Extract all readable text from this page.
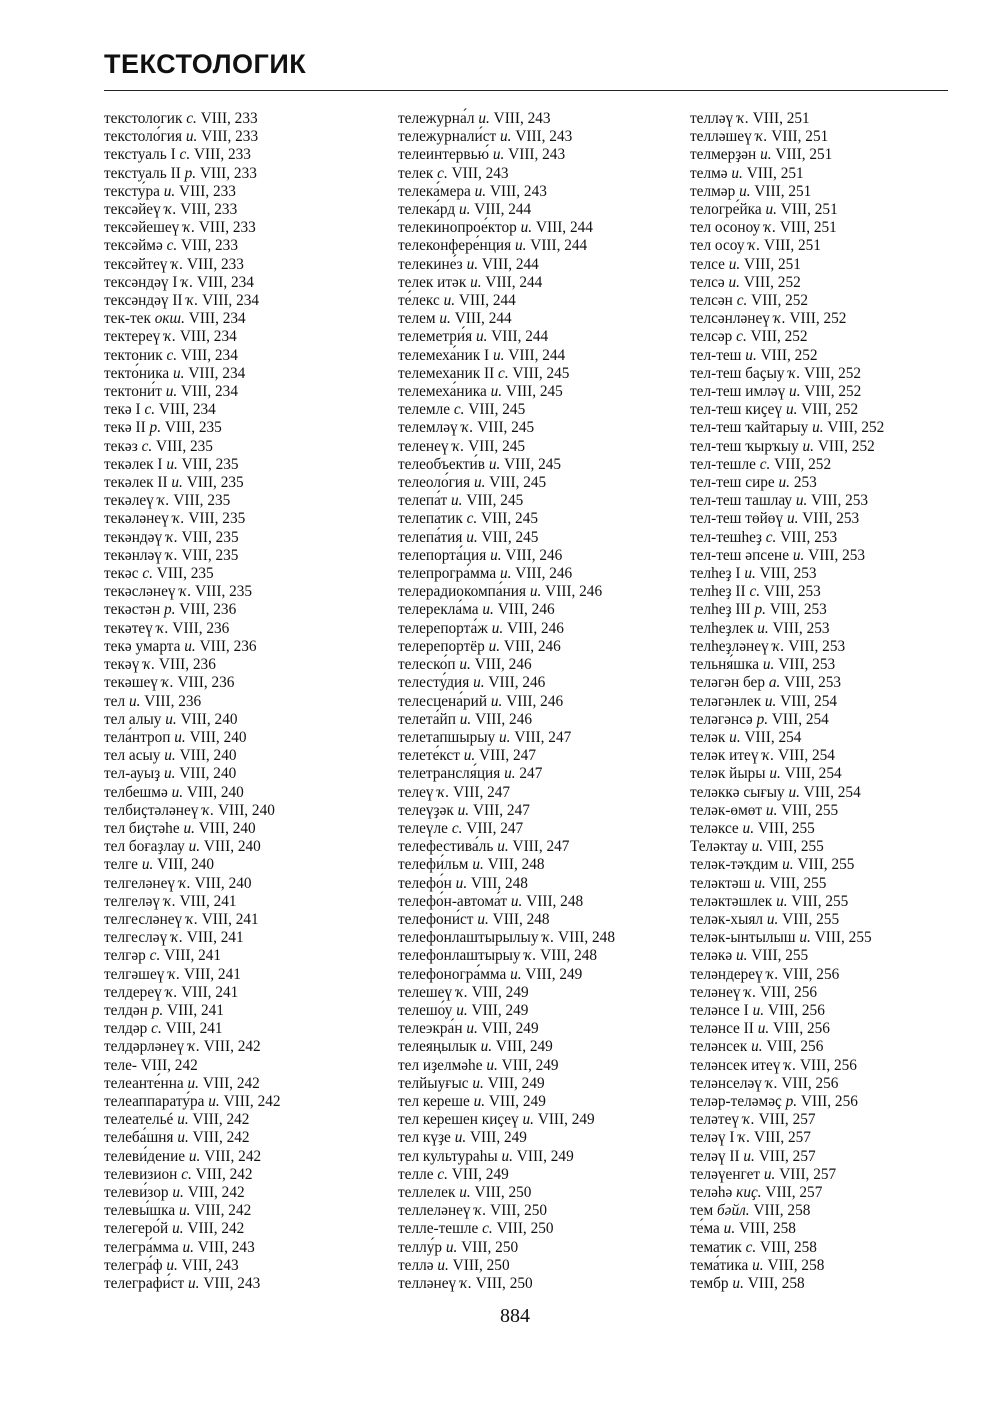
ТЕКСТОЛОГИК
текстологик с. VIII, 233
текстоло́гия и. VIII, 233
текстуаль I с. VIII, 233
текстуаль II р. VIII, 233
тексту́ра и. VIII, 233
тексәйеү ҡ. VIII, 233
тексәйешеү ҡ. VIII, 233
тексәймә с. VIII, 233
тексәйтеү ҡ. VIII, 233
тексәндәү I ҡ. VIII, 234
тексәндәү II ҡ. VIII, 234
тек-тек окш. VIII, 234
тектереү ҡ. VIII, 234
тектоник с. VIII, 234
текто́ника и. VIII, 234
тектони́т и. VIII, 234
текә I с. VIII, 234
текә II р. VIII, 235
текәз с. VIII, 235
текәлек I и. VIII, 235
текәлек II и. VIII, 235
текәлеү ҡ. VIII, 235
текәләнеү ҡ. VIII, 235
текәндәү ҡ. VIII, 235
текәнләү ҡ. VIII, 235
текәс с. VIII, 235
текәсләнеү ҡ. VIII, 235
текәстән р. VIII, 236
текәтеү ҡ. VIII, 236
текә умарта и. VIII, 236
текәү ҡ. VIII, 236
текәшеү ҡ. VIII, 236
тел и. VIII, 236
тел алыу и. VIII, 240
тела́нтроп и. VIII, 240
тел асыу и. VIII, 240
тел-ауыҙ и. VIII, 240
телбешмә и. VIII, 240
телбиҫтәләнеү ҡ. VIII, 240
тел биҫтәһе и. VIII, 240
тел боғаҙлау и. VIII, 240
телге и. VIII, 240
телгеләнеү ҡ. VIII, 240
телгеләү ҡ. VIII, 241
телгесләнеү ҡ. VIII, 241
телгесләү ҡ. VIII, 241
телгәр с. VIII, 241
телгәшеү ҡ. VIII, 241
телдереү ҡ. VIII, 241
телдән р. VIII, 241
телдәр с. VIII, 241
телдәрләнеү ҡ. VIII, 242
теле- VIII, 242
телеанте́нна и. VIII, 242
телеаппарату́ра и. VIII, 242
телеательé и. VIII, 242
телеба́шня и. VIII, 242
телеви́дение и. VIII, 242
телевизион с. VIII, 242
телеви́зор и. VIII, 242
телевы́шка и. VIII, 242
телегеро́й и. VIII, 242
телегра́мма и. VIII, 243
телегра́ф и. VIII, 243
телеграфи́ст и. VIII, 243
тележурна́л и. VIII, 243
тележурнали́ст и. VIII, 243
телеинтервью́ и. VIII, 243
телек с. VIII, 243
телека́мера и. VIII, 243
телека́рд и. VIII, 244
телекинопрое́ктор и. VIII, 244
телеконфере́нция и. VIII, 244
телекине́з и. VIII, 244
телек итәк и. VIII, 244
те́лекс и. VIII, 244
телем и. VIII, 244
телеметри́я и. VIII, 244
телемеха́ник I и. VIII, 244
телемеханик II с. VIII, 245
телемеха́ника и. VIII, 245
телемле с. VIII, 245
телемләү ҡ. VIII, 245
теленеү ҡ. VIII, 245
телеобъекти́в и. VIII, 245
телеоло́гия и. VIII, 245
телепа́т и. VIII, 245
телепатик с. VIII, 245
телепа́тия и. VIII, 245
телепорта́ция и. VIII, 246
телепрогра́мма и. VIII, 246
телерадиокомпа́ния и. VIII, 246
телерекла́ма и. VIII, 246
телерепорта́ж и. VIII, 246
телерепортёр и. VIII, 246
телеско́п и. VIII, 246
телесту́дия и. VIII, 246
телесцена́рий и. VIII, 246
телета́йп и. VIII, 246
телетапшырыу и. VIII, 247
телете́кст и. VIII, 247
телетрансля́ция и. 247
телеү ҡ. VIII, 247
телеүҙәк и. VIII, 247
телеүле с. VIII, 247
телефестива́ль и. VIII, 247
телефи́льм и. VIII, 248
телефо́н и. VIII, 248
телефо́н-автома́т и. VIII, 248
телефони́ст и. VIII, 248
телефонлаштырылыу ҡ. VIII, 248
телефонлаштырыу ҡ. VIII, 248
телефоногра́мма и. VIII, 249
телешеү ҡ. VIII, 249
телешо́у и. VIII, 249
телеэкра́н и. VIII, 249
телеяңылык и. VIII, 249
тел иҙелмәһе и. VIII, 249
телйыуғыс и. VIII, 249
тел кереше и. VIII, 249
тел керешен киҫеү и. VIII, 249
тел күҙе и. VIII, 249
тел культураһы и. VIII, 249
телле с. VIII, 249
теллелек и. VIII, 250
теллеләнеү ҡ. VIII, 250
телле-тешле с. VIII, 250
теллу́р и. VIII, 250
теллә и. VIII, 250
телләнеү ҡ. VIII, 250
телләү ҡ. VIII, 251
телләшеү ҡ. VIII, 251
телмерҙән и. VIII, 251
телмә и. VIII, 251
телмәр и. VIII, 251
телогре́йка и. VIII, 251
тел осоноу ҡ. VIII, 251
тел осоу ҡ. VIII, 251
телсе и. VIII, 251
телсә и. VIII, 252
телсән с. VIII, 252
телсәнләнеү ҡ. VIII, 252
телсәр с. VIII, 252
тел-теш и. VIII, 252
тел-теш баҫыу ҡ. VIII, 252
тел-теш имләү и. VIII, 252
тел-теш киҫеү и. VIII, 252
тел-теш ҡайтарыу и. VIII, 252
тел-теш ҡырҡыу и. VIII, 252
тел-тешле с. VIII, 252
тел-теш сире и. 253
тел-теш ташлау и. VIII, 253
тел-теш төйөү и. VIII, 253
тел-тешһеҙ с. VIII, 253
тел-теш әпсене и. VIII, 253
телһеҙ I и. VIII, 253
телһеҙ II с. VIII, 253
телһеҙ III р. VIII, 253
телһеҙлек и. VIII, 253
телһеҙләнеү ҡ. VIII, 253
тельня́шка и. VIII, 253
теләгән бер а. VIII, 253
теләгәнлек и. VIII, 254
теләгәнсә р. VIII, 254
теләк и. VIII, 254
теләк итеү ҡ. VIII, 254
теләк йыры и. VIII, 254
теләккә сығыу и. VIII, 254
теләк-өмөт и. VIII, 255
теләксе и. VIII, 255
Теләктау и. VIII, 255
теләк-тәҡдим и. VIII, 255
теләктәш и. VIII, 255
теләктәшлек и. VIII, 255
теләк-хыял и. VIII, 255
теләк-ынтылыш и. VIII, 255
теләкә и. VIII, 255
теләндереү ҡ. VIII, 256
теләнеү ҡ. VIII, 256
теләнсе I и. VIII, 256
теләнсе II и. VIII, 256
теләнсек и. VIII, 256
теләнсек итеү ҡ. VIII, 256
теләнселәү ҡ. VIII, 256
теләр-теләмәҫ р. VIII, 256
теләтеү ҡ. VIII, 257
теләү I ҡ. VIII, 257
теләү II и. VIII, 257
теләүенгет и. VIII, 257
теләһә киҫ. VIII, 257
тем бәйл. VIII, 258
те́ма и. VIII, 258
тематик с. VIII, 258
тема́тика и. VIII, 258
тембр и. VIII, 258
884
